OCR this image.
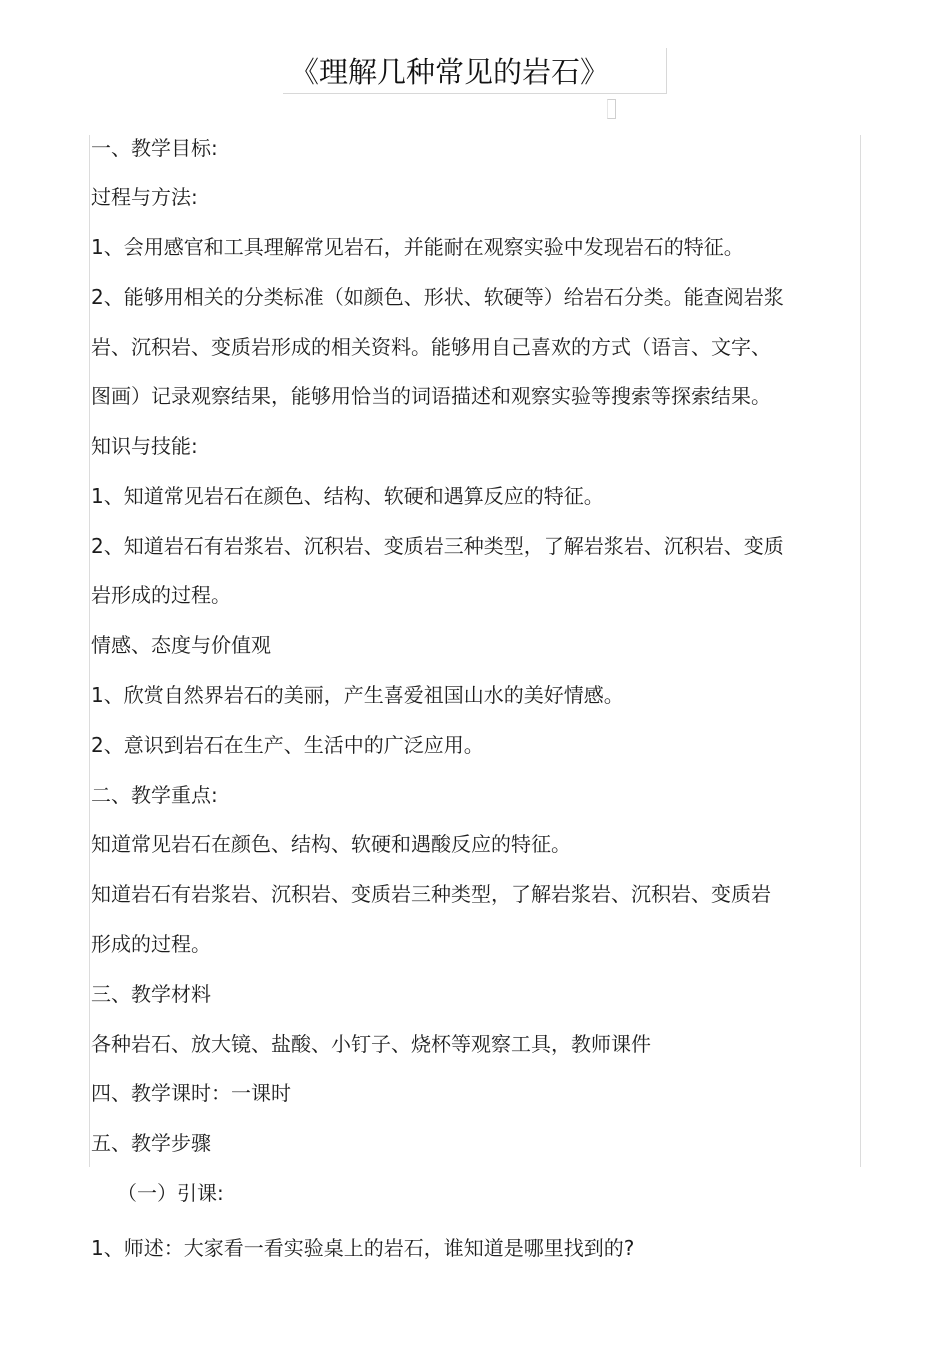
《理解几种常见的岩石》
一、教学目标:
过程与方法:
1、会用感官和工具理解常见岩石，并能耐在观察实验中发现岩石的特征。
2、能够用相关的分类标准（如颜色、形状、软硬等）给岩石分类。能查阅岩浆
岩、沉积岩、变质岩形成的相关资料。能够用自己喜欢的方式（语言、文字、
图画）记录观察结果，能够用恰当的词语描述和观察实验等搜索等探索结果。
知识与技能:
1、知道常见岩石在颜色、结构、软硬和遇算反应的特征。
2、知道岩石有岩浆岩、沉积岩、变质岩三种类型，了解岩浆岩、沉积岩、变质
岩形成的过程。
情感、态度与价值观
1、欣赏自然界岩石的美丽，产生喜爱祖国山水的美好情感。
2、意识到岩石在生产、生活中的广泛应用。
二、教学重点:
知道常见岩石在颜色、结构、软硬和遇酸反应的特征。
知道岩石有岩浆岩、沉积岩、变质岩三种类型，了解岩浆岩、沉积岩、变质岩
形成的过程。
三、教学材料
各种岩石、放大镜、盐酸、小钉子、烧杯等观察工具，教师课件
四、教学课时：一课时
五、教学步骤
（一）引课:
1、师述：大家看一看实验桌上的岩石，谁知道是哪里找到的?
